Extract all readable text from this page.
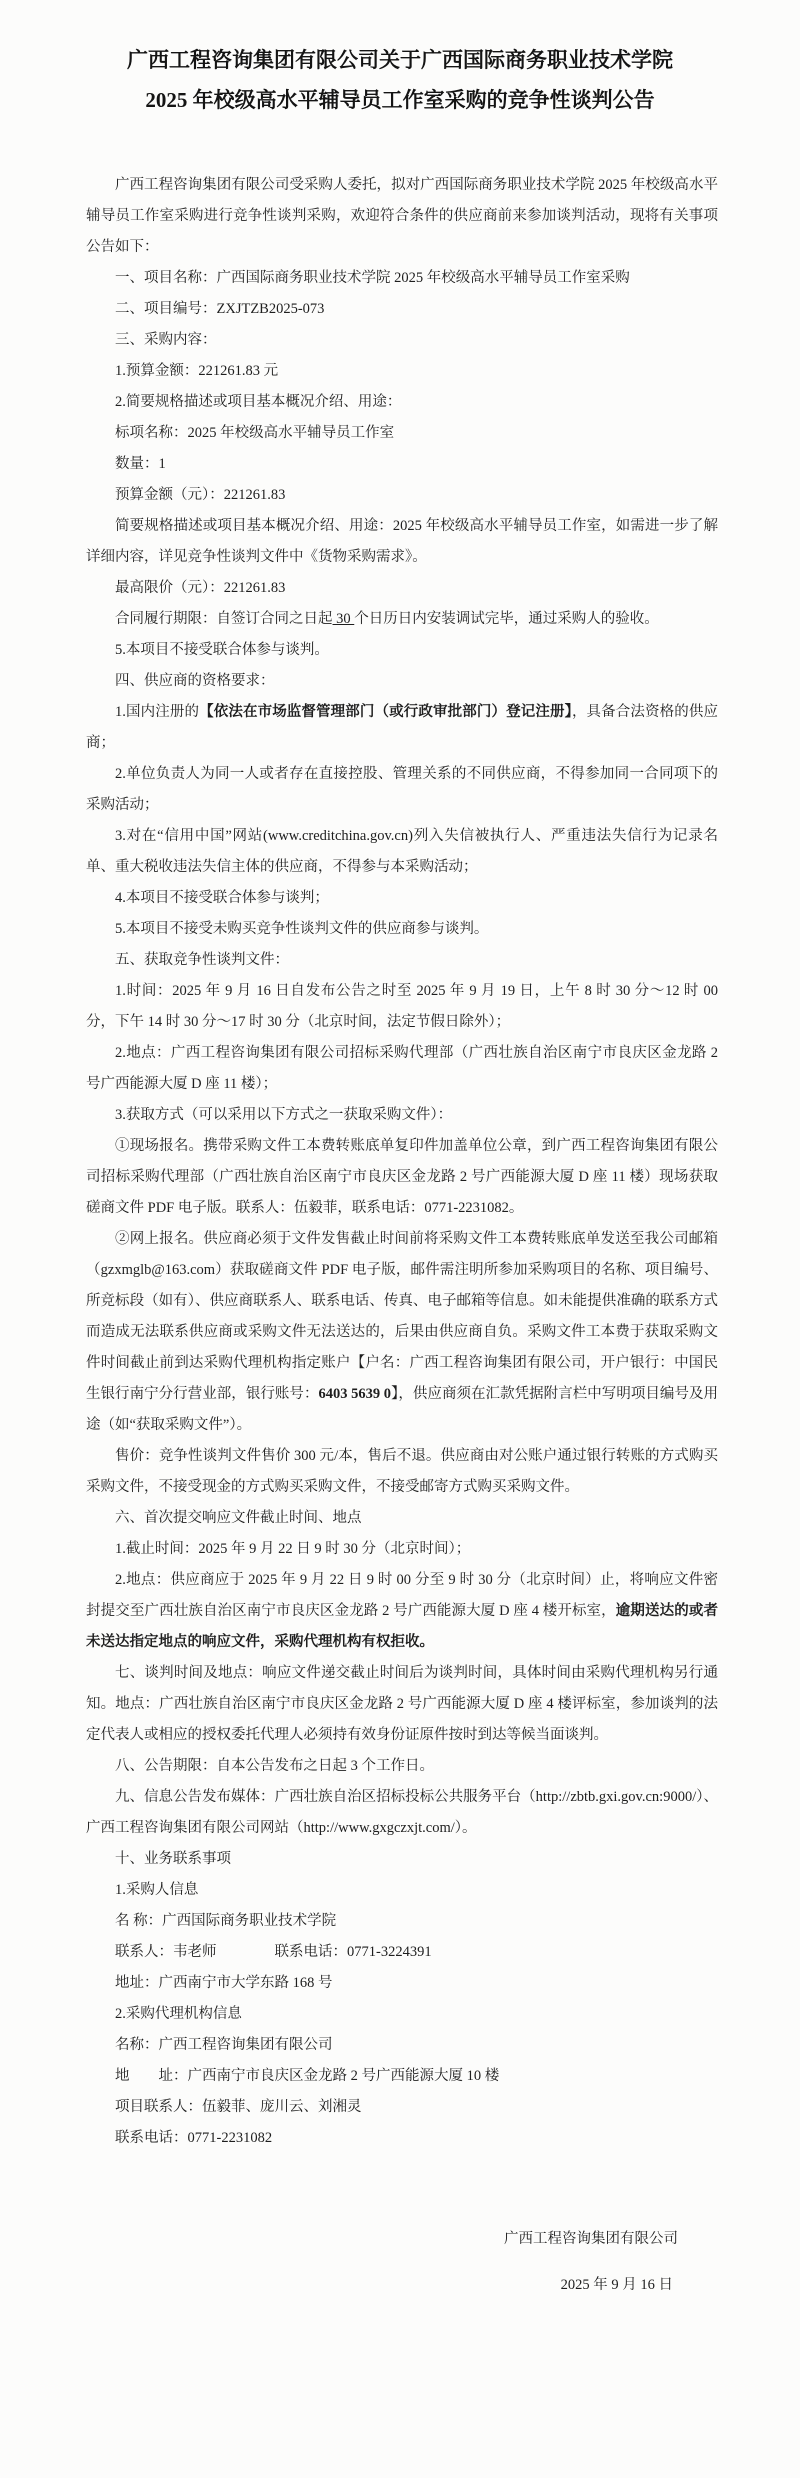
广西工程咨询集团有限公司关于广西国际商务职业技术学院 2025 年校级高水平辅导员工作室采购的竞争性谈判公告

广西工程咨询集团有限公司受采购人委托，拟对广西国际商务职业技术学院 2025 年校级高水平辅导员工作室采购进行竞争性谈判采购，欢迎符合条件的供应商前来参加谈判活动，现将有关事项公告如下：

一、项目名称：广西国际商务职业技术学院 2025 年校级高水平辅导员工作室采购

二、项目编号：ZXJTZB2025-073

三、采购内容：

1.预算金额：221261.83 元

2.简要规格描述或项目基本概况介绍、用途：

标项名称：2025 年校级高水平辅导员工作室

数量：1

预算金额（元）：221261.83

简要规格描述或项目基本概况介绍、用途：2025 年校级高水平辅导员工作室，如需进一步了解详细内容，详见竞争性谈判文件中《货物采购需求》。

最高限价（元）：221261.83

合同履行期限：自签订合同之日起 30 个日历日内安装调试完毕，通过采购人的验收。

5.本项目不接受联合体参与谈判。

四、供应商的资格要求：

1.国内注册的【依法在市场监督管理部门（或行政审批部门）登记注册】，具备合法资格的供应商；

2.单位负责人为同一人或者存在直接控股、管理关系的不同供应商，不得参加同一合同项下的采购活动；

3.对在“信用中国”网站(www.creditchina.gov.cn)列入失信被执行人、严重违法失信行为记录名单、重大税收违法失信主体的供应商，不得参与本采购活动；

4.本项目不接受联合体参与谈判；

5.本项目不接受未购买竞争性谈判文件的供应商参与谈判。

五、获取竞争性谈判文件：

1.时间：2025 年 9 月 16 日自发布公告之时至 2025 年 9 月 19 日，上午 8 时 30 分～12 时 00 分，下午 14 时 30 分～17 时 30 分（北京时间，法定节假日除外）；

2.地点：广西工程咨询集团有限公司招标采购代理部（广西壮族自治区南宁市良庆区金龙路 2 号广西能源大厦 D 座 11 楼）；

3.获取方式（可以采用以下方式之一获取采购文件）：

①现场报名。携带采购文件工本费转账底单复印件加盖单位公章，到广西工程咨询集团有限公司招标采购代理部（广西壮族自治区南宁市良庆区金龙路 2 号广西能源大厦 D 座 11 楼）现场获取磋商文件 PDF 电子版。联系人：伍毅菲，联系电话：0771-2231082。

②网上报名。供应商必须于文件发售截止时间前将采购文件工本费转账底单发送至我公司邮箱（gzxmglb@163.com）获取磋商文件 PDF 电子版，邮件需注明所参加采购项目的名称、项目编号、所竞标段（如有）、供应商联系人、联系电话、传真、电子邮箱等信息。如未能提供准确的联系方式而造成无法联系供应商或采购文件无法送达的，后果由供应商自负。采购文件工本费于获取采购文件时间截止前到达采购代理机构指定账户【户名：广西工程咨询集团有限公司，开户银行：中国民生银行南宁分行营业部，银行账号：6403 5639 0】，供应商须在汇款凭据附言栏中写明项目编号及用途（如“获取采购文件”）。

售价：竞争性谈判文件售价 300 元/本，售后不退。供应商由对公账户通过银行转账的方式购买采购文件，不接受现金的方式购买采购文件，不接受邮寄方式购买采购文件。

六、首次提交响应文件截止时间、地点

1.截止时间：2025 年 9 月 22 日 9 时 30 分（北京时间）；

2.地点：供应商应于 2025 年 9 月 22 日 9 时 00 分至 9 时 30 分（北京时间）止，将响应文件密封提交至广西壮族自治区南宁市良庆区金龙路 2 号广西能源大厦 D 座 4 楼开标室，逾期送达的或者未送达指定地点的响应文件，采购代理机构有权拒收。

七、谈判时间及地点：响应文件递交截止时间后为谈判时间，具体时间由采购代理机构另行通知。地点：广西壮族自治区南宁市良庆区金龙路 2 号广西能源大厦 D 座 4 楼评标室，参加谈判的法定代表人或相应的授权委托代理人必须持有效身份证原件按时到达等候当面谈判。

八、公告期限：自本公告发布之日起 3 个工作日。

九、信息公告发布媒体：广西壮族自治区招标投标公共服务平台（http://zbtb.gxi.gov.cn:9000/）、广西工程咨询集团有限公司网站（http://www.gxgczxjt.com/）。

十、业务联系事项

1.采购人信息

名 称：广西国际商务职业技术学院

联系人：韦老师　　　　联系电话：0771-3224391

地址：广西南宁市大学东路 168 号

2.采购代理机构信息

名称：广西工程咨询集团有限公司

地　　址：广西南宁市良庆区金龙路 2 号广西能源大厦 10 楼

项目联系人：伍毅菲、庞川云、刘湘灵

联系电话：0771-2231082

广西工程咨询集团有限公司
2025 年 9 月 16 日
